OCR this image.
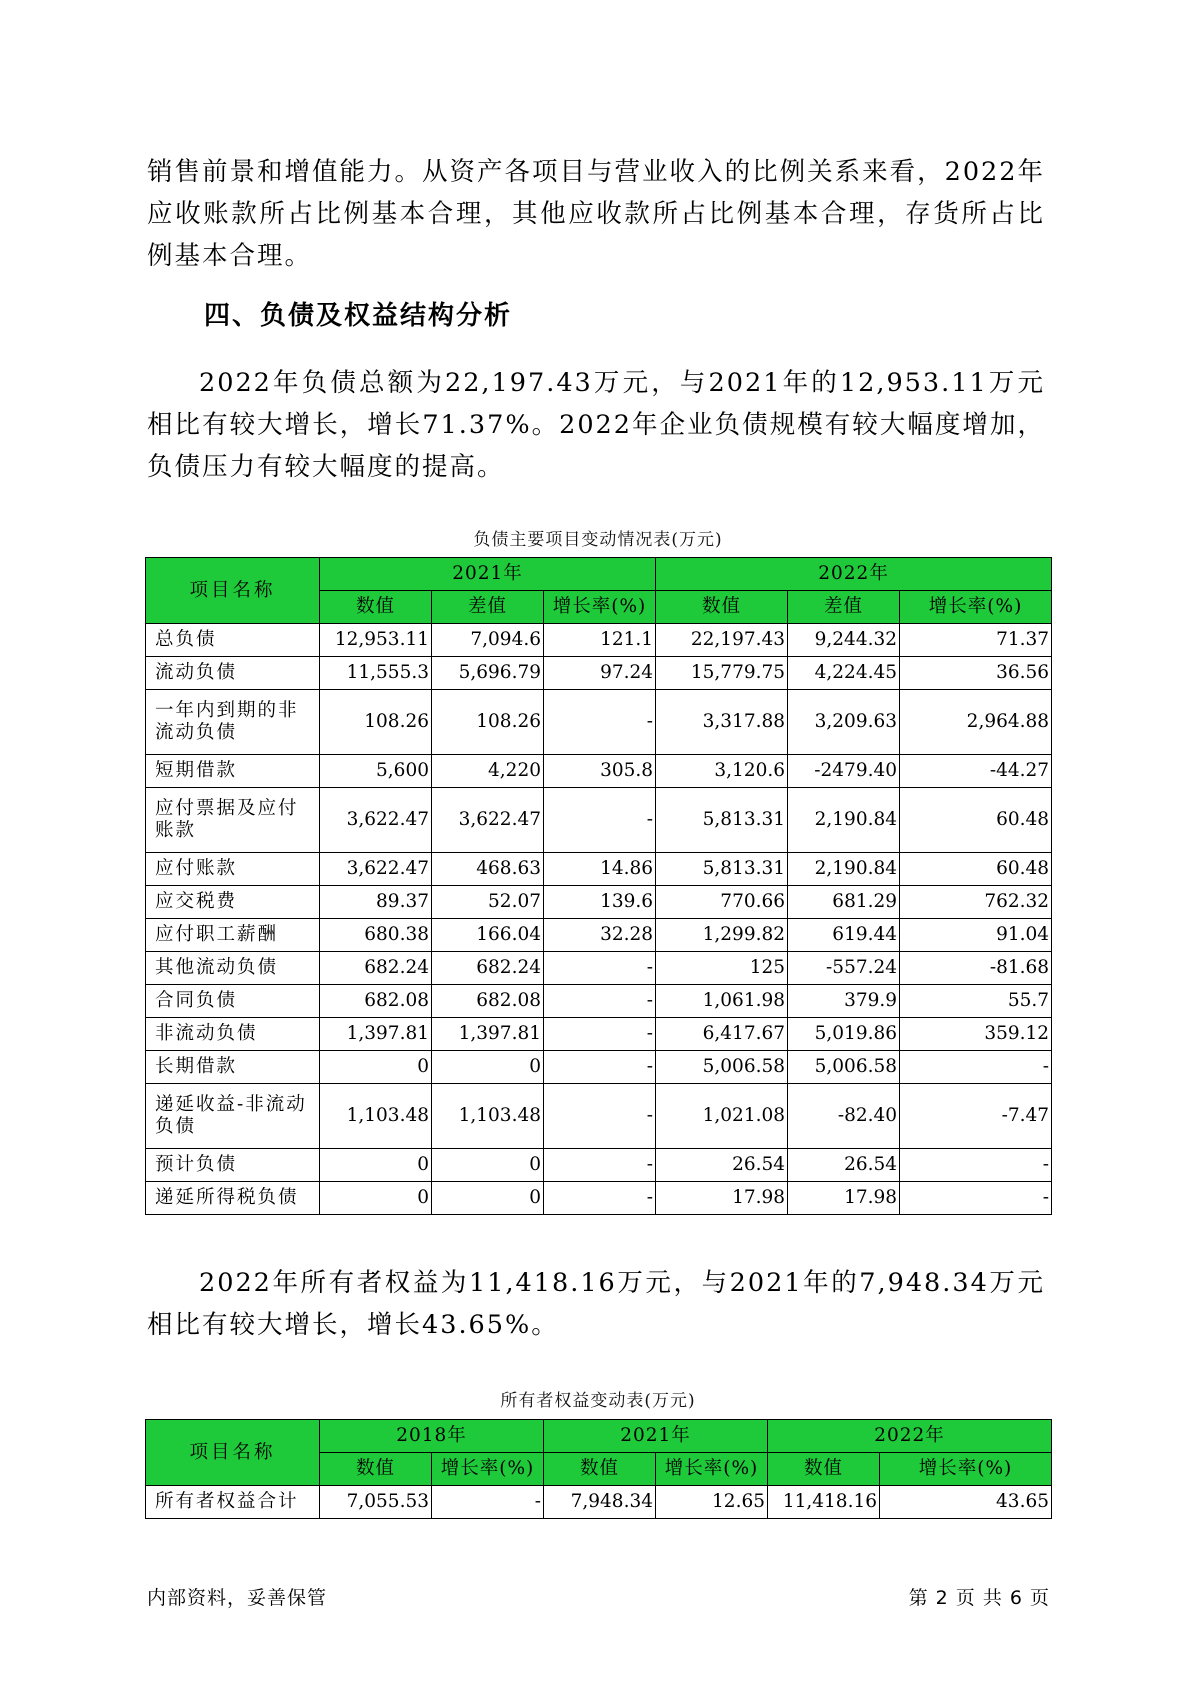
销售前景和增值能力。从资产各项目与营业收入的比例关系来看，2022年应收账款所占比例基本合理，其他应收款所占比例基本合理，存货所占比例基本合理。

四、负债及权益结构分析

2022年负债总额为22,197.43万元，与2021年的12,953.11万元相比有较大增长，增长71.37%。2022年企业负债规模有较大幅度增加，负债压力有较大幅度的提高。

负债主要项目变动情况表(万元)
项目名称	2021年			2022年		
	数值	差值	增长率(%)	数值	差值	增长率(%)
总负债	12,953.11	7,094.6	121.1	22,197.43	9,244.32	71.37
流动负债	11,555.3	5,696.79	97.24	15,779.75	4,224.45	36.56
一年内到期的非流动负债	108.26	108.26	-	3,317.88	3,209.63	2,964.88
短期借款	5,600	4,220	305.8	3,120.6	-2479.40	-44.27
应付票据及应付账款	3,622.47	3,622.47	-	5,813.31	2,190.84	60.48
应付账款	3,622.47	468.63	14.86	5,813.31	2,190.84	60.48
应交税费	89.37	52.07	139.6	770.66	681.29	762.32
应付职工薪酬	680.38	166.04	32.28	1,299.82	619.44	91.04
其他流动负债	682.24	682.24	-	125	-557.24	-81.68
合同负债	682.08	682.08	-	1,061.98	379.9	55.7
非流动负债	1,397.81	1,397.81	-	6,417.67	5,019.86	359.12
长期借款	0	0	-	5,006.58	5,006.58	-
递延收益-非流动负债	1,103.48	1,103.48	-	1,021.08	-82.40	-7.47
预计负债	0	0	-	26.54	26.54	-
递延所得税负债	0	0	-	17.98	17.98	-

2022年所有者权益为11,418.16万元，与2021年的7,948.34万元相比有较大增长，增长43.65%。

所有者权益变动表(万元)
项目名称	2018年		2021年		2022年	
	数值	增长率(%)	数值	增长率(%)	数值	增长率(%)
所有者权益合计	7,055.53	-	7,948.34	12.65	11,418.16	43.65
内部资料，妥善保管	第 2 页 共 6 页
